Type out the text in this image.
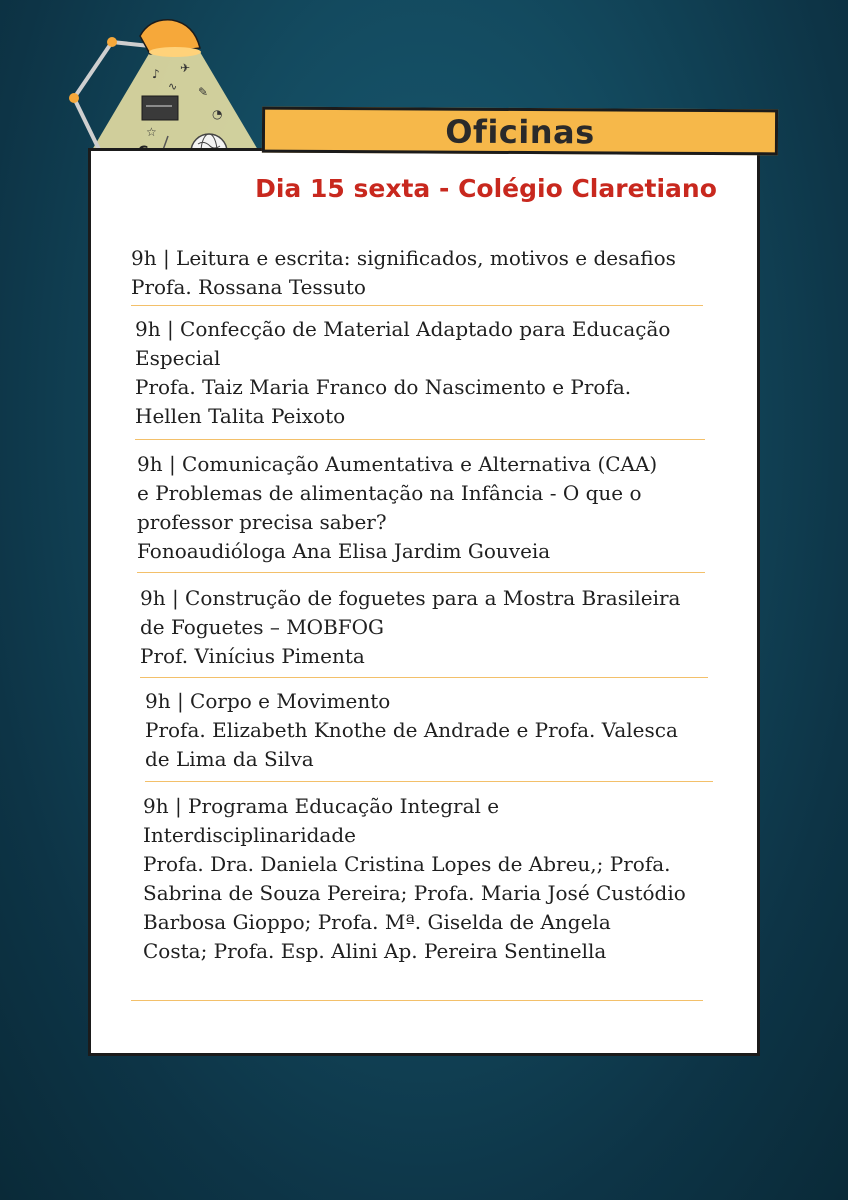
♪ ✈
✎
∿
☆
◔	Oficinas
Dia 15 sexta - Colégio Claretiano
9h | Leitura e escrita: significados, motivos e desafios
Profa. Rossana Tessuto
9h | Confecção de Material Adaptado para Educação
Especial
Profa. Taiz Maria Franco do Nascimento e Profa.
Hellen Talita Peixoto
9h | Comunicação Aumentativa e Alternativa (CAA)
e Problemas de alimentação na Infância - O que o
professor precisa saber?
Fonoaudióloga Ana Elisa Jardim Gouveia
9h | Construção de foguetes para a Mostra Brasileira
de Foguetes – MOBFOG
Prof. Vinícius Pimenta
9h | Corpo e Movimento
Profa. Elizabeth Knothe de Andrade e Profa. Valesca
de Lima da Silva
9h | Programa Educação Integral e
Interdisciplinaridade
Profa. Dra. Daniela Cristina Lopes de Abreu,; Profa.
Sabrina de Souza Pereira; Profa. Maria José Custódio
Barbosa Gioppo; Profa. Mª. Giselda de Angela
Costa; Profa. Esp. Alini Ap. Pereira Sentinella
